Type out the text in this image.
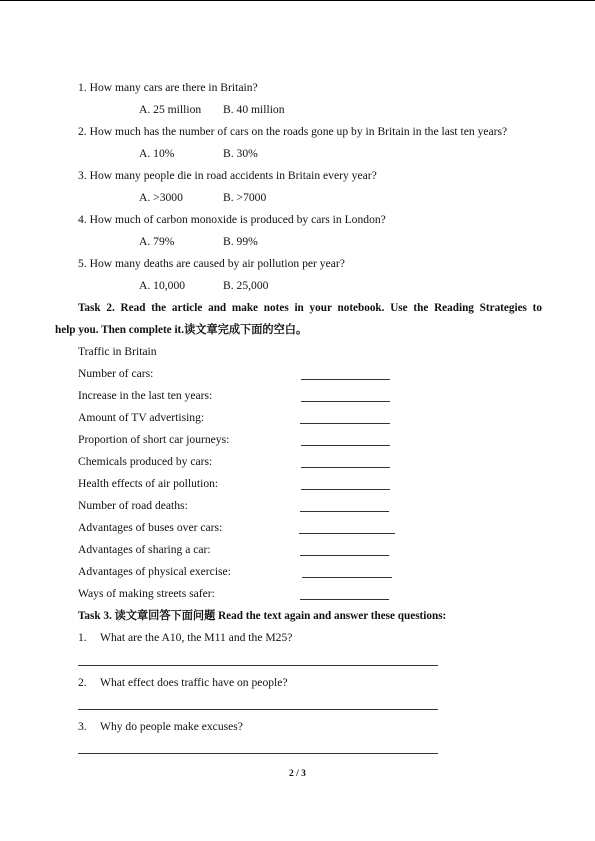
1. How many cars are there in Britain?
A. 25 million B. 40 million
2. How much has the number of cars on the roads gone up by in Britain in the last ten years?
A. 10%	B. 30%
3. How many people die in road accidents in Britain every year?
A. >3000	B. >7000
4. How much of carbon monoxide is produced by cars in London?
A. 79%	B. 99%
5. How many deaths are caused by air pollution per year?
A. 10,000	B. 25,000
Task 2. Read the article and make notes in your notebook. Use the Reading Strategies to
help you. Then complete it.读文章完成下面的空白。
Traffic in Britain
Number of cars:
Increase in the last ten years:
Amount of TV advertising:
Proportion of short car journeys:
Chemicals produced by cars:
Health effects of air pollution:
Number of road deaths:
Advantages of buses over cars:
Advantages of sharing a car:
Advantages of physical exercise:
Ways of making streets safer:
Task 3. 读文章回答下面问题 Read the text again and answer these questions:
1. What are the A10, the M11 and the M25?
2. What effect does traffic have on people?
3. Why do people make excuses?
2 / 3
